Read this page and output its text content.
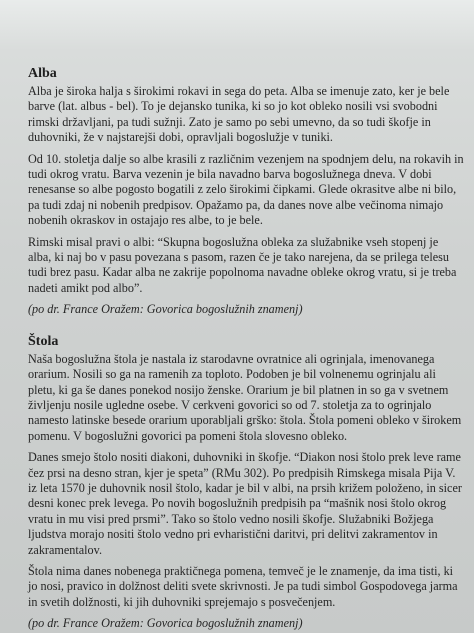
Alba

Alba je široka halja s širokimi rokavi in sega do peta. Alba se imenuje zato, ker je bele barve (lat. albus - bel). To je dejansko tunika, ki so jo kot obleko nosili vsi svobodni rimski državljani, pa tudi sužnji. Zato je samo po sebi umevno, da so tudi škofje in duhovniki, že v najstarejši dobi, opravljali bogoslužje v tuniki.

Od 10. stoletja dalje so albe krasili z različnim vezenjem na spodnjem delu, na rokavih in tudi okrog vratu. Barva vezenin je bila navadno barva bogoslužnega dneva. V dobi renesanse so albe pogosto bogatili z zelo širokimi čipkami. Glede okrasitve albe ni bilo, pa tudi zdaj ni nobenih predpisov. Opažamo pa, da danes nove albe večinoma nimajo nobenih okraskov in ostajajo res albe, to je bele.

Rimski misal pravi o albi: “Skupna bogoslužna obleka za služabnike vseh stopenj je alba, ki naj bo v pasu povezana s pasom, razen če je tako narejena, da se prilega telesu tudi brez pasu. Kadar alba ne zakrije popolnoma navadne obleke okrog vratu, si je treba nadeti amikt pod albo”.

(po dr. France Oražem: Govorica bogoslužnih znamenj)

Štola

Naša bogoslužna štola je nastala iz starodavne ovratnice ali ogrinjala, imenovanega orarium. Nosili so ga na ramenih za toploto. Podoben je bil volnenemu ogrinjalu ali pletu, ki ga še danes ponekod nosijo ženske. Orarium je bil platnen in so ga v svetnem življenju nosile ugledne osebe. V cerkveni govorici so od 7. stoletja za to ogrinjalo namesto latinske besede orarium uporabljali grško: štola. Štola pomeni obleko v širokem pomenu. V bogoslužni govorici pa pomeni štola slovesno obleko.

Danes smejo štolo nositi diakoni, duhovniki in škofje. “Diakon nosi štolo prek leve rame čez prsi na desno stran, kjer je speta” (RMu 302). Po predpisih Rimskega misala Pija V. iz leta 1570 je duhovnik nosil štolo, kadar je bil v albi, na prsih križem položeno, in sicer desni konec prek levega. Po novih bogoslužnih predpisih pa “mašnik nosi štolo okrog vratu in mu visi pred prsmi”. Tako so štolo vedno nosili škofje. Služabniki Božjega ljudstva morajo nositi štolo vedno pri evharistični daritvi, pri delitvi zakramentov in zakramentalov.

Štola nima danes nobenega praktičnega pomena, temveč je le znamenje, da ima tisti, ki jo nosi, pravico in dolžnost deliti svete skrivnosti. Je pa tudi simbol Gospodovega jarma in svetih dolžnosti, ki jih duhovniki sprejemajo s posvečenjem.

(po dr. France Oražem: Govorica bogoslužnih znamenj)
